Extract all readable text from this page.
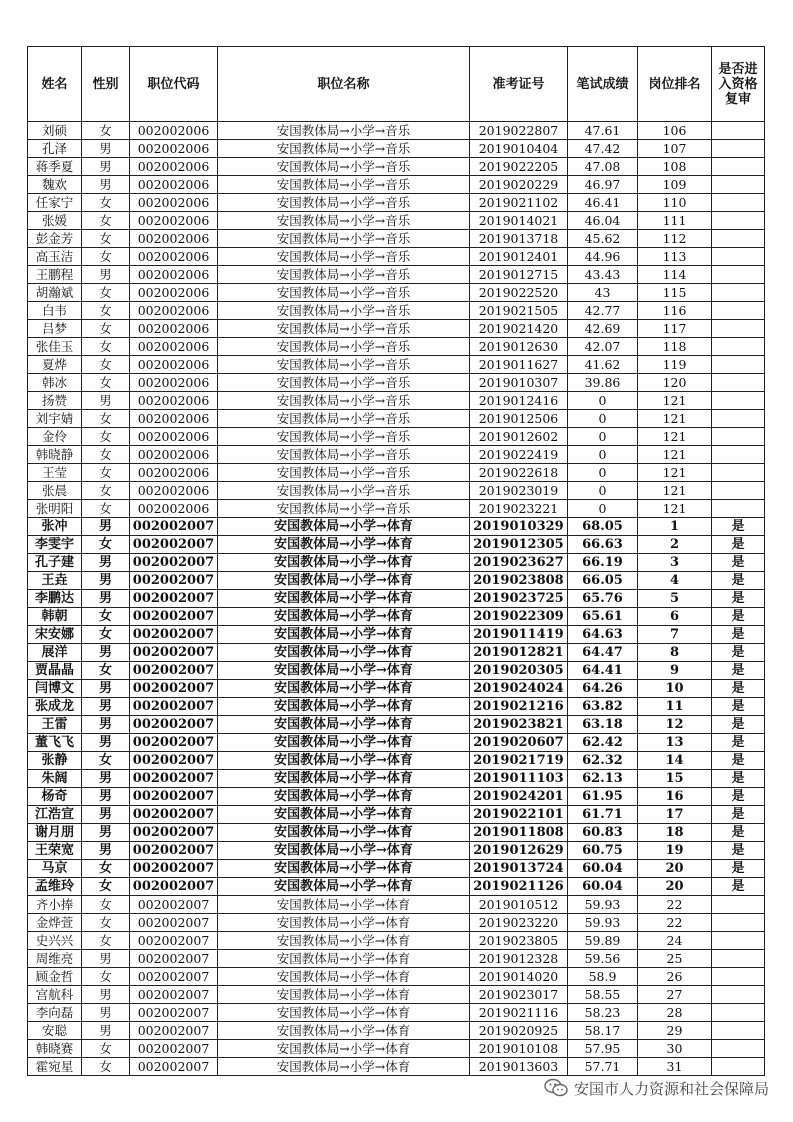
姓名	性别	职位代码	职位名称	准考证号	笔试成绩	岗位排名	是否进入资格复审
刘硕	女	002002006	安国教体局→小学→音乐	2019022807	47.61	106	
孔泽	男	002002006	安国教体局→小学→音乐	2019010404	47.42	107	
蒋季夏	男	002002006	安国教体局→小学→音乐	2019022205	47.08	108	
魏欢	男	002002006	安国教体局→小学→音乐	2019020229	46.97	109	
任家宁	女	002002006	安国教体局→小学→音乐	2019021102	46.41	110	
张媛	女	002002006	安国教体局→小学→音乐	2019014021	46.04	111	
彭金芳	女	002002006	安国教体局→小学→音乐	2019013718	45.62	112	
高玉洁	女	002002006	安国教体局→小学→音乐	2019012401	44.96	113	
王鹏程	男	002002006	安国教体局→小学→音乐	2019012715	43.43	114	
胡瀚斌	女	002002006	安国教体局→小学→音乐	2019022520	43	115	
白韦	女	002002006	安国教体局→小学→音乐	2019021505	42.77	116	
吕梦	女	002002006	安国教体局→小学→音乐	2019021420	42.69	117	
张佳玉	女	002002006	安国教体局→小学→音乐	2019012630	42.07	118	
夏烨	女	002002006	安国教体局→小学→音乐	2019011627	41.62	119	
韩冰	女	002002006	安国教体局→小学→音乐	2019010307	39.86	120	
扬赞	男	002002006	安国教体局→小学→音乐	2019012416	0	121	
刘宇婧	女	002002006	安国教体局→小学→音乐	2019012506	0	121	
金伶	女	002002006	安国教体局→小学→音乐	2019012602	0	121	
韩晓静	女	002002006	安国教体局→小学→音乐	2019022419	0	121	
王莹	女	002002006	安国教体局→小学→音乐	2019022618	0	121	
张晨	女	002002006	安国教体局→小学→音乐	2019023019	0	121	
张明阳	女	002002006	安国教体局→小学→音乐	2019023221	0	121	
张冲	男	002002007	安国教体局→小学→体育	2019010329	68.05	1	是
李雯宇	女	002002007	安国教体局→小学→体育	2019012305	66.63	2	是
孔子建	男	002002007	安国教体局→小学→体育	2019023627	66.19	3	是
王垚	男	002002007	安国教体局→小学→体育	2019023808	66.05	4	是
李鹏达	男	002002007	安国教体局→小学→体育	2019023725	65.76	5	是
韩朝	女	002002007	安国教体局→小学→体育	2019022309	65.61	6	是
宋安娜	女	002002007	安国教体局→小学→体育	2019011419	64.63	7	是
展洋	男	002002007	安国教体局→小学→体育	2019012821	64.47	8	是
贾晶晶	女	002002007	安国教体局→小学→体育	2019020305	64.41	9	是
闫博文	男	002002007	安国教体局→小学→体育	2019024024	64.26	10	是
张成龙	男	002002007	安国教体局→小学→体育	2019021216	63.82	11	是
王雷	男	002002007	安国教体局→小学→体育	2019023821	63.18	12	是
董飞飞	男	002002007	安国教体局→小学→体育	2019020607	62.42	13	是
张静	女	002002007	安国教体局→小学→体育	2019021719	62.32	14	是
朱阔	男	002002007	安国教体局→小学→体育	2019011103	62.13	15	是
杨奇	男	002002007	安国教体局→小学→体育	2019024201	61.95	16	是
江浩宣	男	002002007	安国教体局→小学→体育	2019022101	61.71	17	是
谢月朋	男	002002007	安国教体局→小学→体育	2019011808	60.83	18	是
王荣宽	男	002002007	安国教体局→小学→体育	2019012629	60.75	19	是
马京	女	002002007	安国教体局→小学→体育	2019013724	60.04	20	是
孟维玲	女	002002007	安国教体局→小学→体育	2019021126	60.04	20	是
齐小捧	女	002002007	安国教体局→小学→体育	2019010512	59.93	22	
金烨萱	女	002002007	安国教体局→小学→体育	2019023220	59.93	22	
史兴兴	女	002002007	安国教体局→小学→体育	2019023805	59.89	24	
周维亮	男	002002007	安国教体局→小学→体育	2019012328	59.56	25	
顾金哲	女	002002007	安国教体局→小学→体育	2019014020	58.9	26	
宫航科	男	002002007	安国教体局→小学→体育	2019023017	58.55	27	
李向磊	男	002002007	安国教体局→小学→体育	2019021116	58.23	28	
安聪	男	002002007	安国教体局→小学→体育	2019020925	58.17	29	
韩晓赛	女	002002007	安国教体局→小学→体育	2019010108	57.95	30	
霍宛星	女	002002007	安国教体局→小学→体育	2019013603	57.71	31	
安国市人力资源和社会保障局
